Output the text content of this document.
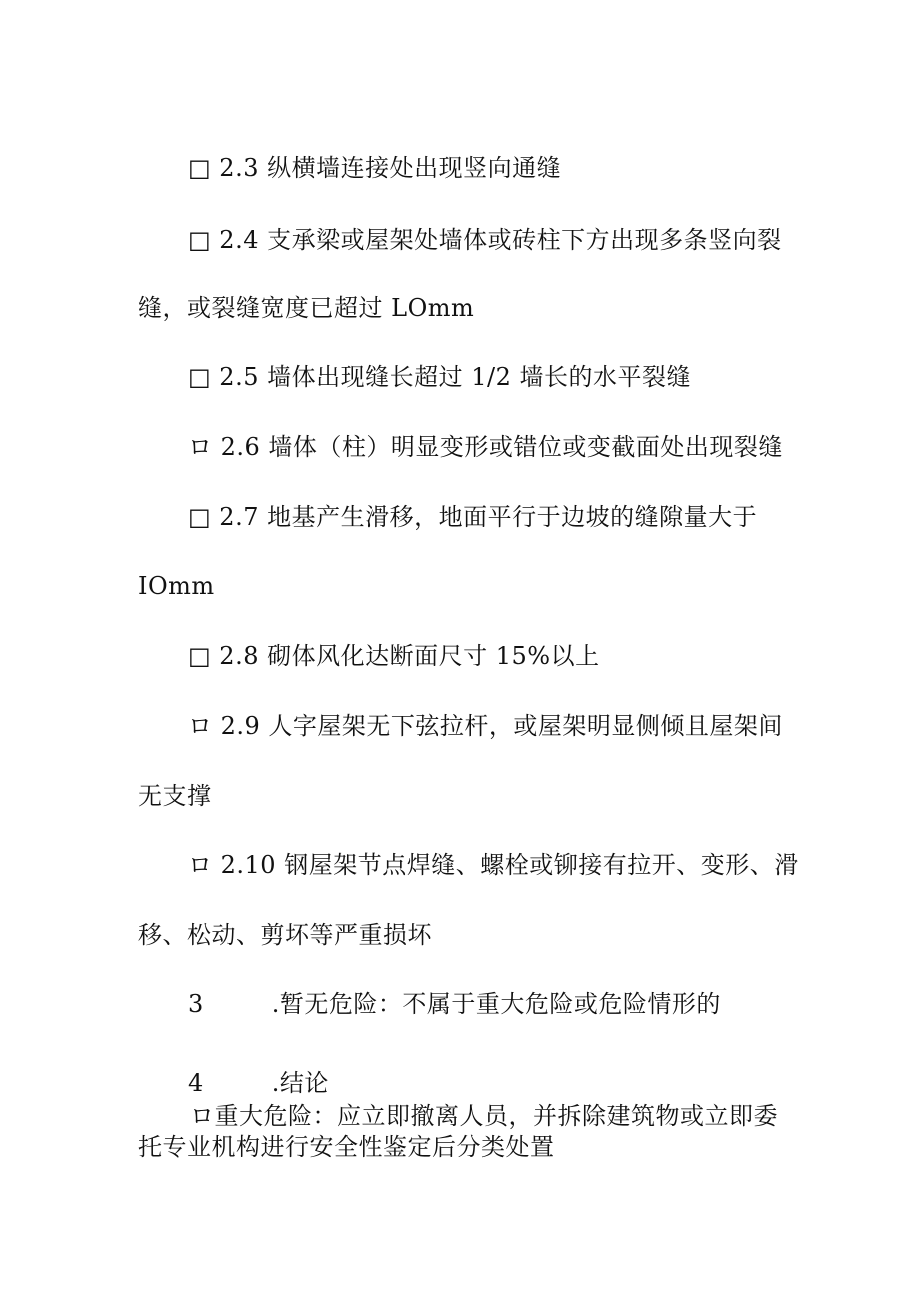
□ 2.3 纵横墙连接处出现竖向通缝
□ 2.4 支承梁或屋架处墙体或砖柱下方出现多条竖向裂
缝，或裂缝宽度已超过 LOmm
□ 2.5 墙体出现缝长超过 1/2 墙长的水平裂缝
ロ 2.6 墙体（柱）明显变形或错位或变截面处出现裂缝
□ 2.7 地基产生滑移，地面平行于边坡的缝隙量大于
IOmm
□ 2.8 砌体风化达断面尺寸 15%以上
ロ 2.9 人字屋架无下弦拉杆，或屋架明显侧倾且屋架间
无支撑
ロ 2.10 钢屋架节点焊缝、螺栓或铆接有拉开、变形、滑
移、松动、剪坏等严重损坏
3	.暂无危险：不属于重大危险或危险情形的
4	.结论
ロ重大危险：应立即撤离人员，并拆除建筑物或立即委
托专业机构进行安全性鉴定后分类处置
